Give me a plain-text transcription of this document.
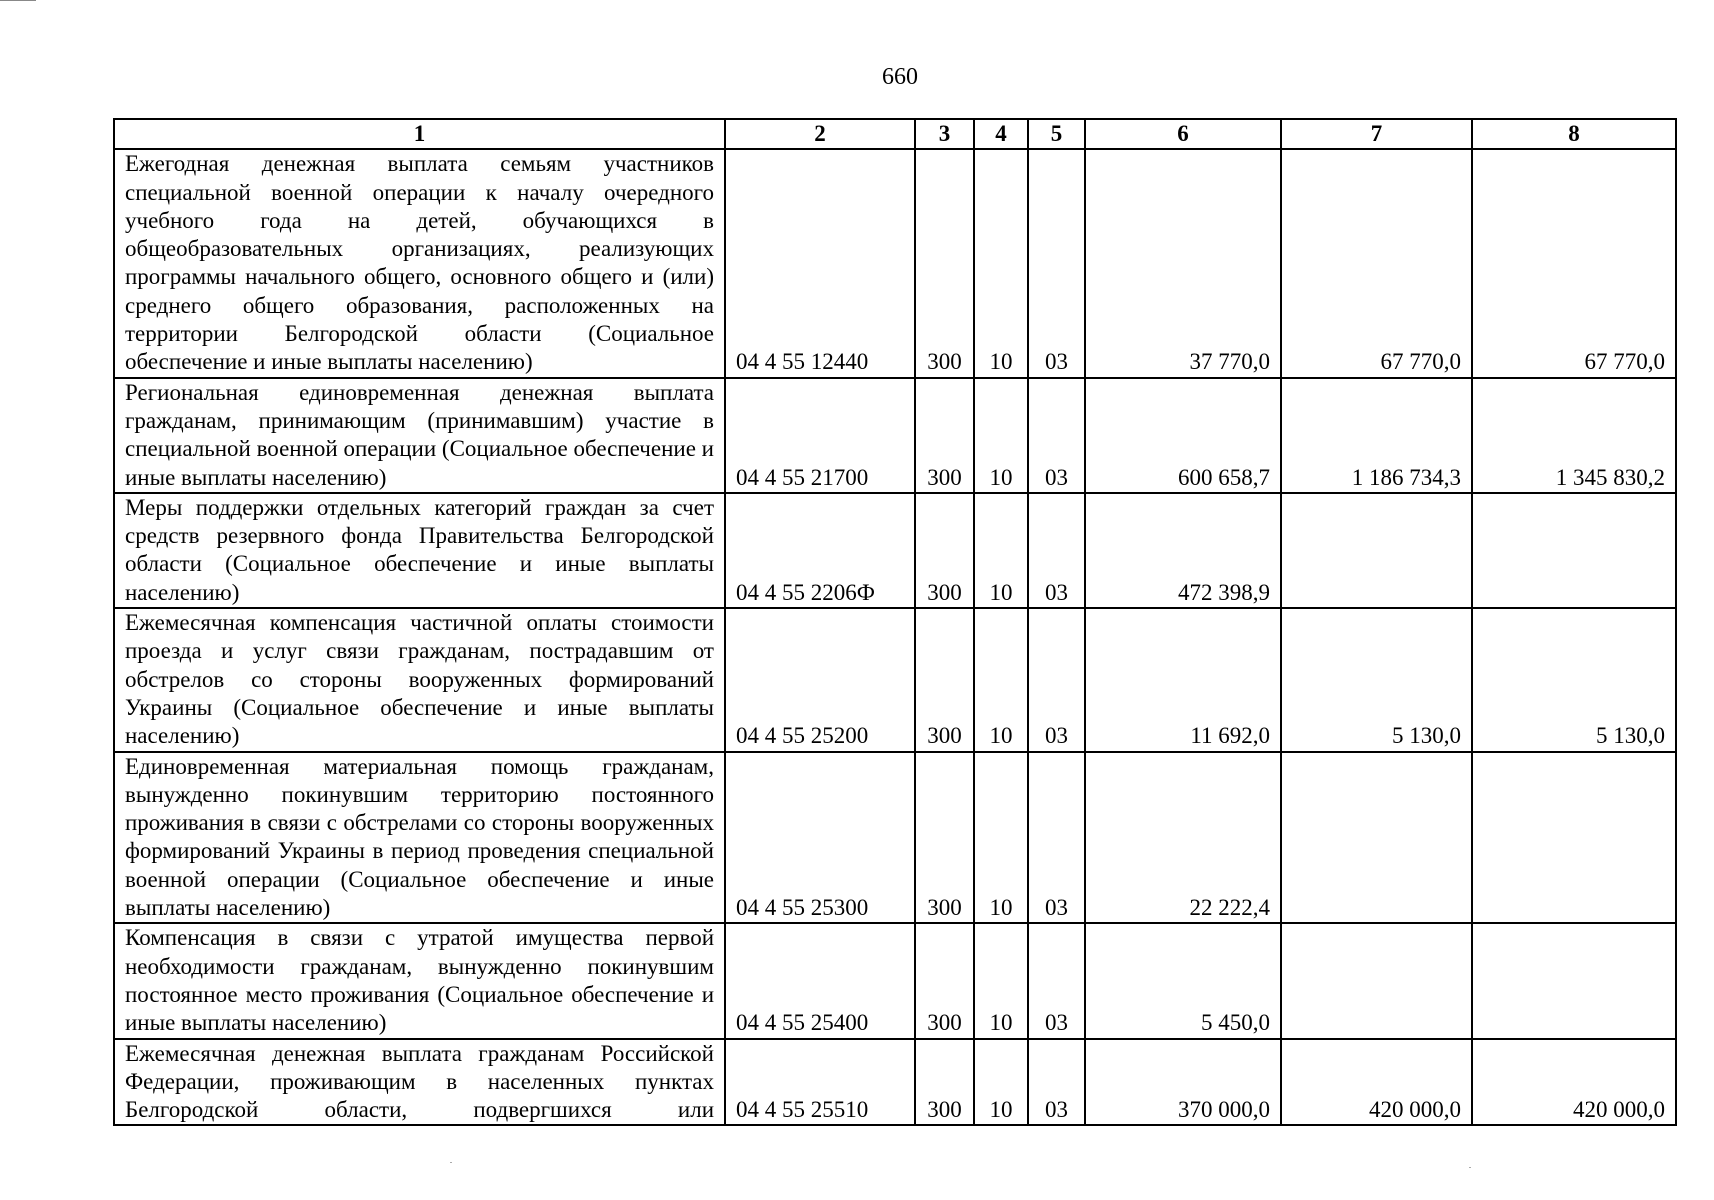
660
1	2	3	4	5	6	7	8
Ежегодная денежная выплата семьям участников специальной военной операции к началу очередного учебного года на детей, обучающихся в общеобразовательных организациях, реализующих программы начального общего, основного общего и (или) среднего общего образования, расположенных на территории Белгородской области (Социальное обеспечение и иные выплаты населению)	04 4 55 12440	300	10	03	37 770,0	67 770,0	67 770,0
Региональная единовременная денежная выплата гражданам, принимающим (принимавшим) участие в специальной военной операции (Социальное обеспечение и иные выплаты населению)	04 4 55 21700	300	10	03	600 658,7	1 186 734,3	1 345 830,2
Меры поддержки отдельных категорий граждан за счет средств резервного фонда Правительства Белгородской области (Социальное обеспечение и иные выплаты населению)	04 4 55 2206Ф	300	10	03	472 398,9		
Ежемесячная компенсация частичной оплаты стоимости проезда и услуг связи гражданам, пострадавшим от обстрелов со стороны вооруженных формирований Украины (Социальное обеспечение и иные выплаты населению)	04 4 55 25200	300	10	03	11 692,0	5 130,0	5 130,0
Единовременная материальная помощь гражданам, вынужденно покинувшим территорию постоянного проживания в связи с обстрелами со стороны вооруженных формирований Украины в период проведения специальной военной операции (Социальное обеспечение и иные выплаты населению)	04 4 55 25300	300	10	03	22 222,4		
Компенсация в связи с утратой имущества первой необходимости гражданам, вынужденно покинувшим постоянное место проживания (Социальное обеспечение и иные выплаты населению)	04 4 55 25400	300	10	03	5 450,0		
Ежемесячная денежная выплата гражданам Российской Федерации, проживающим в населенных пунктах Белгородской области, подвергшихся или	04 4 55 25510	300	10	03	370 000,0	420 000,0	420 000,0
